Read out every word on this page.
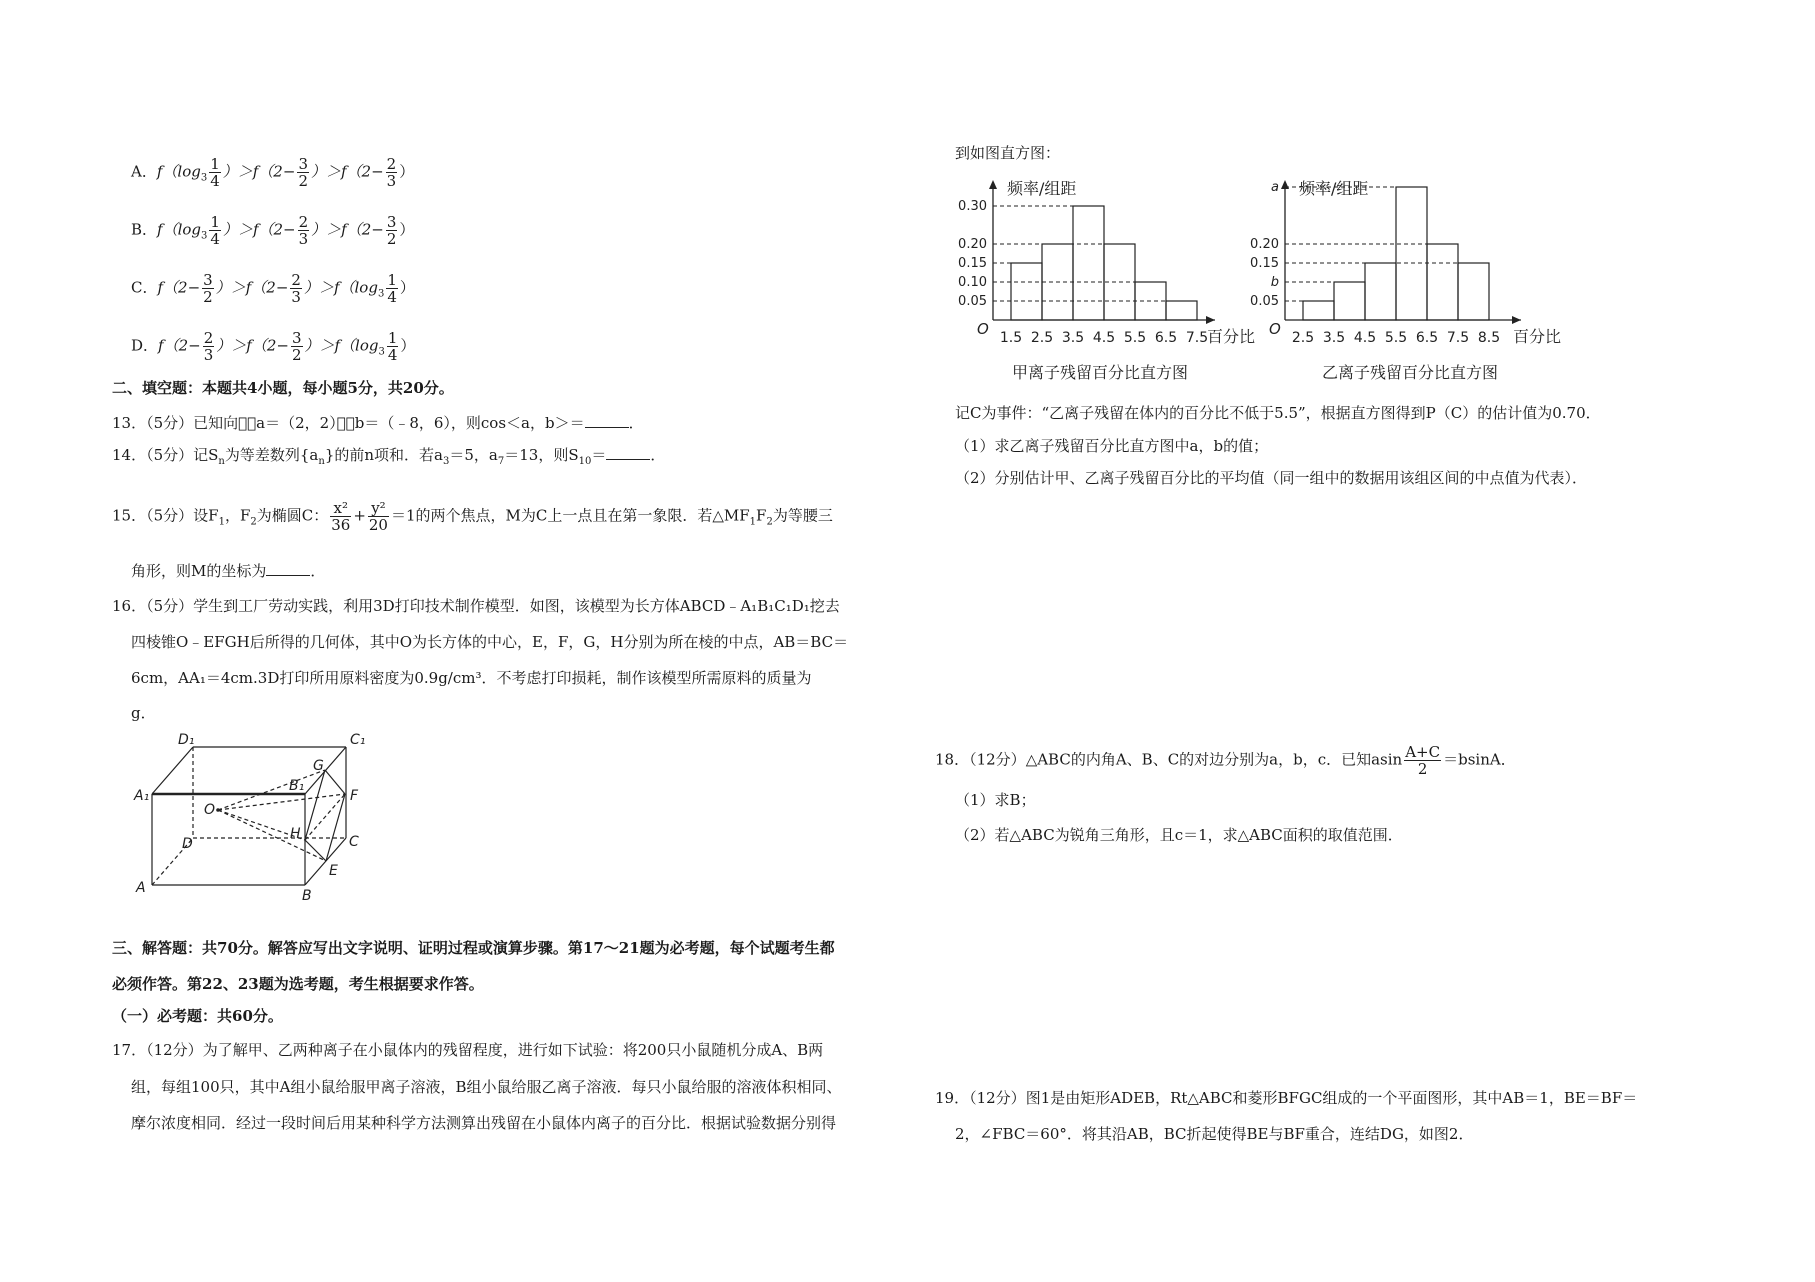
A．$f(\log_3 \frac{1}{4} )>f(2- \frac{3}{2} )>f(2- \frac{2}{3}$ ）
B．$f(\log_3 \frac{1}{4} )>f(2- \frac{2}{3} )>f(2- \frac{3}{2}$ ）
C．$f(2- \frac{3}{2} )>f(2- \frac{2}{3} )>f(\log_3 \frac{1}{4}$ ）
D．$f(2- \frac{2}{3} )>f(2- \frac{3}{2} )>f(\log_3 \frac{1}{4}$ ）
二、填空题：本题共4小题，每小题5分，共20分。
13．（5分）已知向量a＝（2，2），b＝（﹣8，6），则cos＜a，b＞＝	．
14．（5分）记$S_n$为等差数列$\{a_n\}$的前n项和．若$a_3=5$，$a_7=13$，则$S_{10}=$	．
15．（5分）设$F_1$，$F_2$为椭圆C： $\frac{\text{x²}}{36} + \frac{\text{y²}}{20} =1$的两个焦点，M为C上一点且在第一象限．若$\triangle MF_1F_2$为等腰三
角形，则M的坐标为	．
16．（5分）学生到工厂劳动实践，利用3D打印技术制作模型．如图，该模型为长方体ABCD﹣A₁B₁C₁D₁挖去
四棱锥O﹣EFGH后所得的几何体，其中O为长方体的中心，E，F，G，H分别为所在棱的中点，AB＝BC＝
6cm，AA₁＝4cm.3D打印所用原料密度为0.9g/cm³．不考虑打印损耗，制作该模型所需原料的质量为
g．
D₁	C₁
A₁
B₁
G
F
O
D
H	C
E
A	B
三、解答题：共70分。解答应写出文字说明、证明过程或演算步骤。第17～21题为必考题，每个试题考生都
必须作答。第22、23题为选考题，考生根据要求作答。
（一）必考题：共60分。
17．（12分）为了解甲、乙两种离子在小鼠体内的残留程度，进行如下试验：将200只小鼠随机分成A、B两
组，每组100只，其中A组小鼠给服甲离子溶液，B组小鼠给服乙离子溶液．每只小鼠给服的溶液体积相同、
摩尔浓度相同．经过一段时间后用某种科学方法测算出残留在小鼠体内离子的百分比．根据试验数据分别得
到如图直方图：
0.05
0.10
0.15
0.20
0.30
1.5 2.5 3.5 4.5 5.5 6.5 7.5
O	百分比
频率/组距
甲离子残留百分比直方图
0.05
b
0.15
0.20
a
2.5 3.5 4.5 5.5 6.5 7.5 8.5
O	百分比
频率/组距
乙离子残留百分比直方图
记C为事件：“乙离子残留在体内的百分比不低于5.5”，根据直方图得到P（C）的估计值为0.70．
（1）求乙离子残留百分比直方图中a，b的值；
（2）分别估计甲、乙离子残留百分比的平均值（同一组中的数据用该组区间的中点值为代表）．
18．（12分）△ABC的内角A、B、C的对边分别为a，b，c．已知asin $\frac{A+C}{2} =bsinA$．
（1）求B；
（2）若△ABC为锐角三角形，且c＝1，求△ABC面积的取值范围．
19．（12分）图1是由矩形ADEB，Rt△ABC和菱形BFGC组成的一个平面图形，其中AB＝1，BE＝BF＝
2，∠FBC＝60°．将其沿AB，BC折起使得BE与BF重合，连结DG，如图2．
